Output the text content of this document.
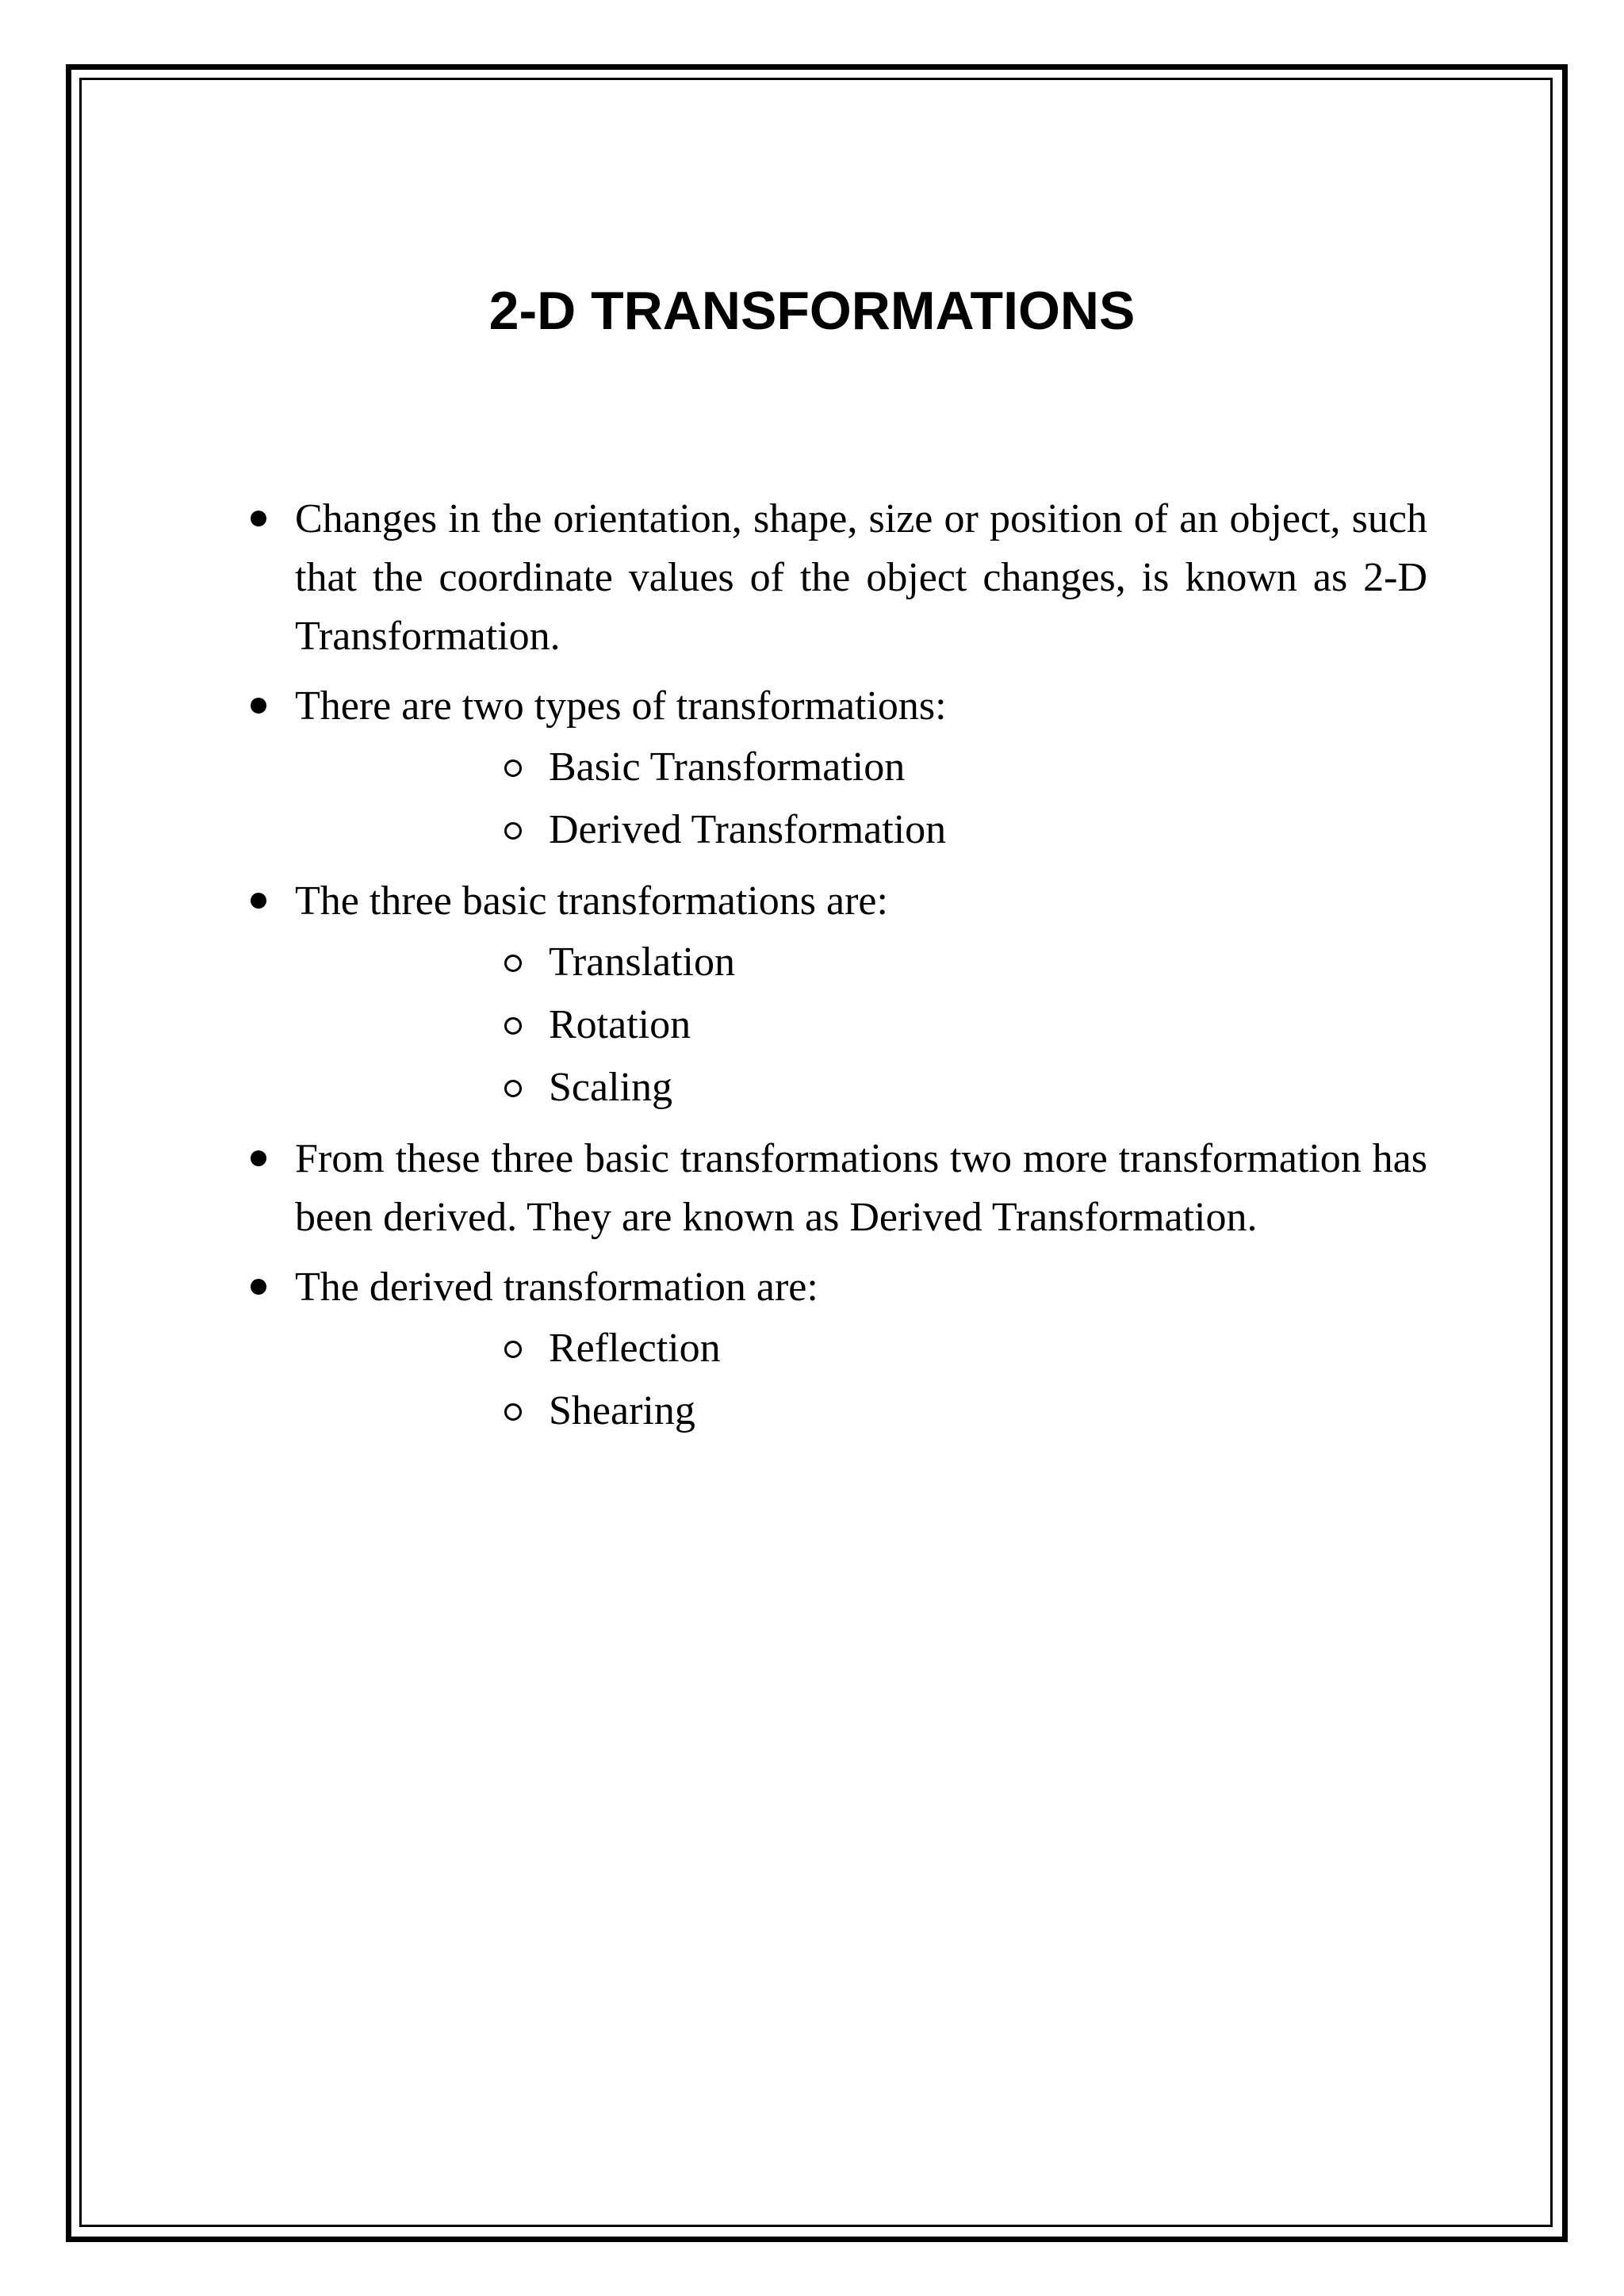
2-D TRANSFORMATIONS
Changes in the orientation, shape, size or position of an object, such that the coordinate values of the object changes, is known as 2-D Transformation.
There are two types of transformations:
Basic Transformation
Derived Transformation
The three basic transformations are:
Translation
Rotation
Scaling
From these three basic transformations two more transformation has been derived. They are known as Derived Transformation.
The derived transformation are:
Reflection
Shearing
